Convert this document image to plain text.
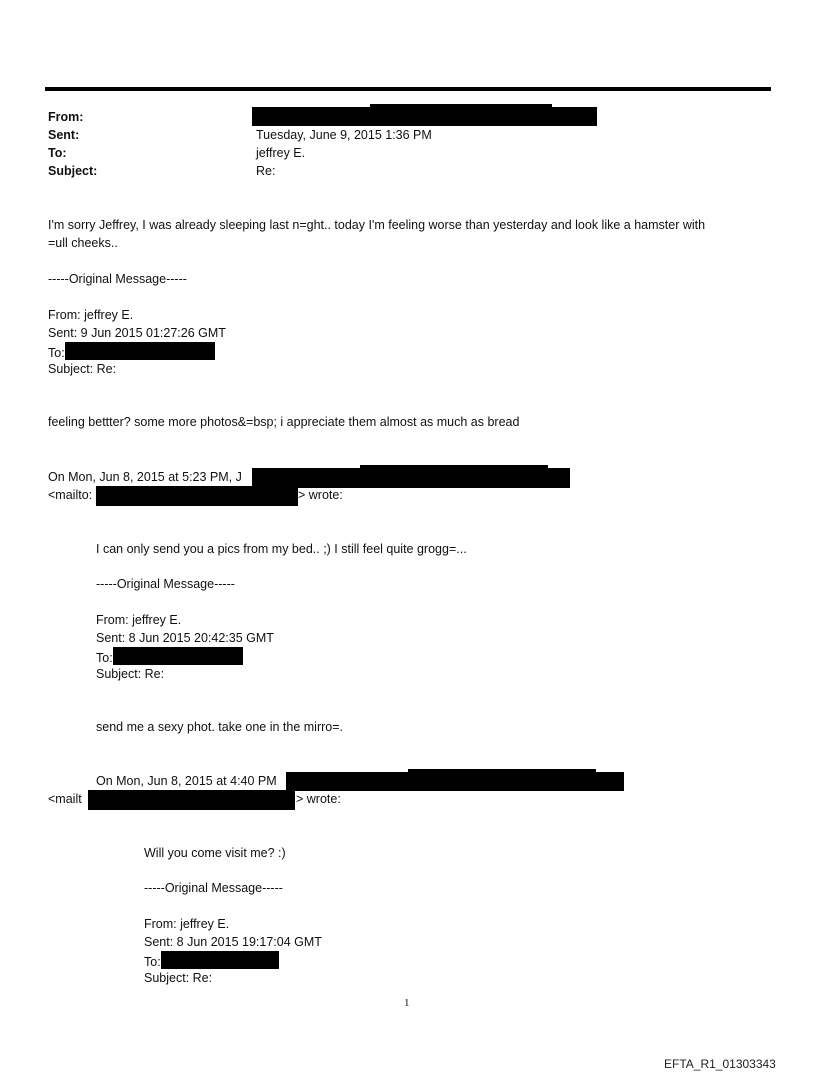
From:
Sent:	Tuesday, June 9, 2015 1:36 PM
To:	jeffrey E.
Subject:	Re:
I'm sorry Jeffrey, I was already sleeping last n=ght.. today I'm feeling worse than yesterday and look like a hamster with
=ull cheeks..
-----Original Message-----
From: jeffrey E.
Sent: 9 Jun 2015 01:27:26 GMT
To:
Subject: Re:
feeling bettter? some more photos&=bsp; i appreciate them almost as much as bread
On Mon, Jun 8, 2015 at 5:23 PM, J
<mailto:	> wrote:
I can only send you a pics from my bed.. ;) I still feel quite grogg=...
-----Original Message-----
From: jeffrey E.
Sent: 8 Jun 2015 20:42:35 GMT
To:
Subject: Re:
send me a sexy phot. take one in the mirro=.
On Mon, Jun 8, 2015 at 4:40 PM
<mailt	> wrote:
Will you come visit me? :)
-----Original Message-----
From: jeffrey E.
Sent: 8 Jun 2015 19:17:04 GMT
To:
Subject: Re:
1
EFTA_R1_01303343
